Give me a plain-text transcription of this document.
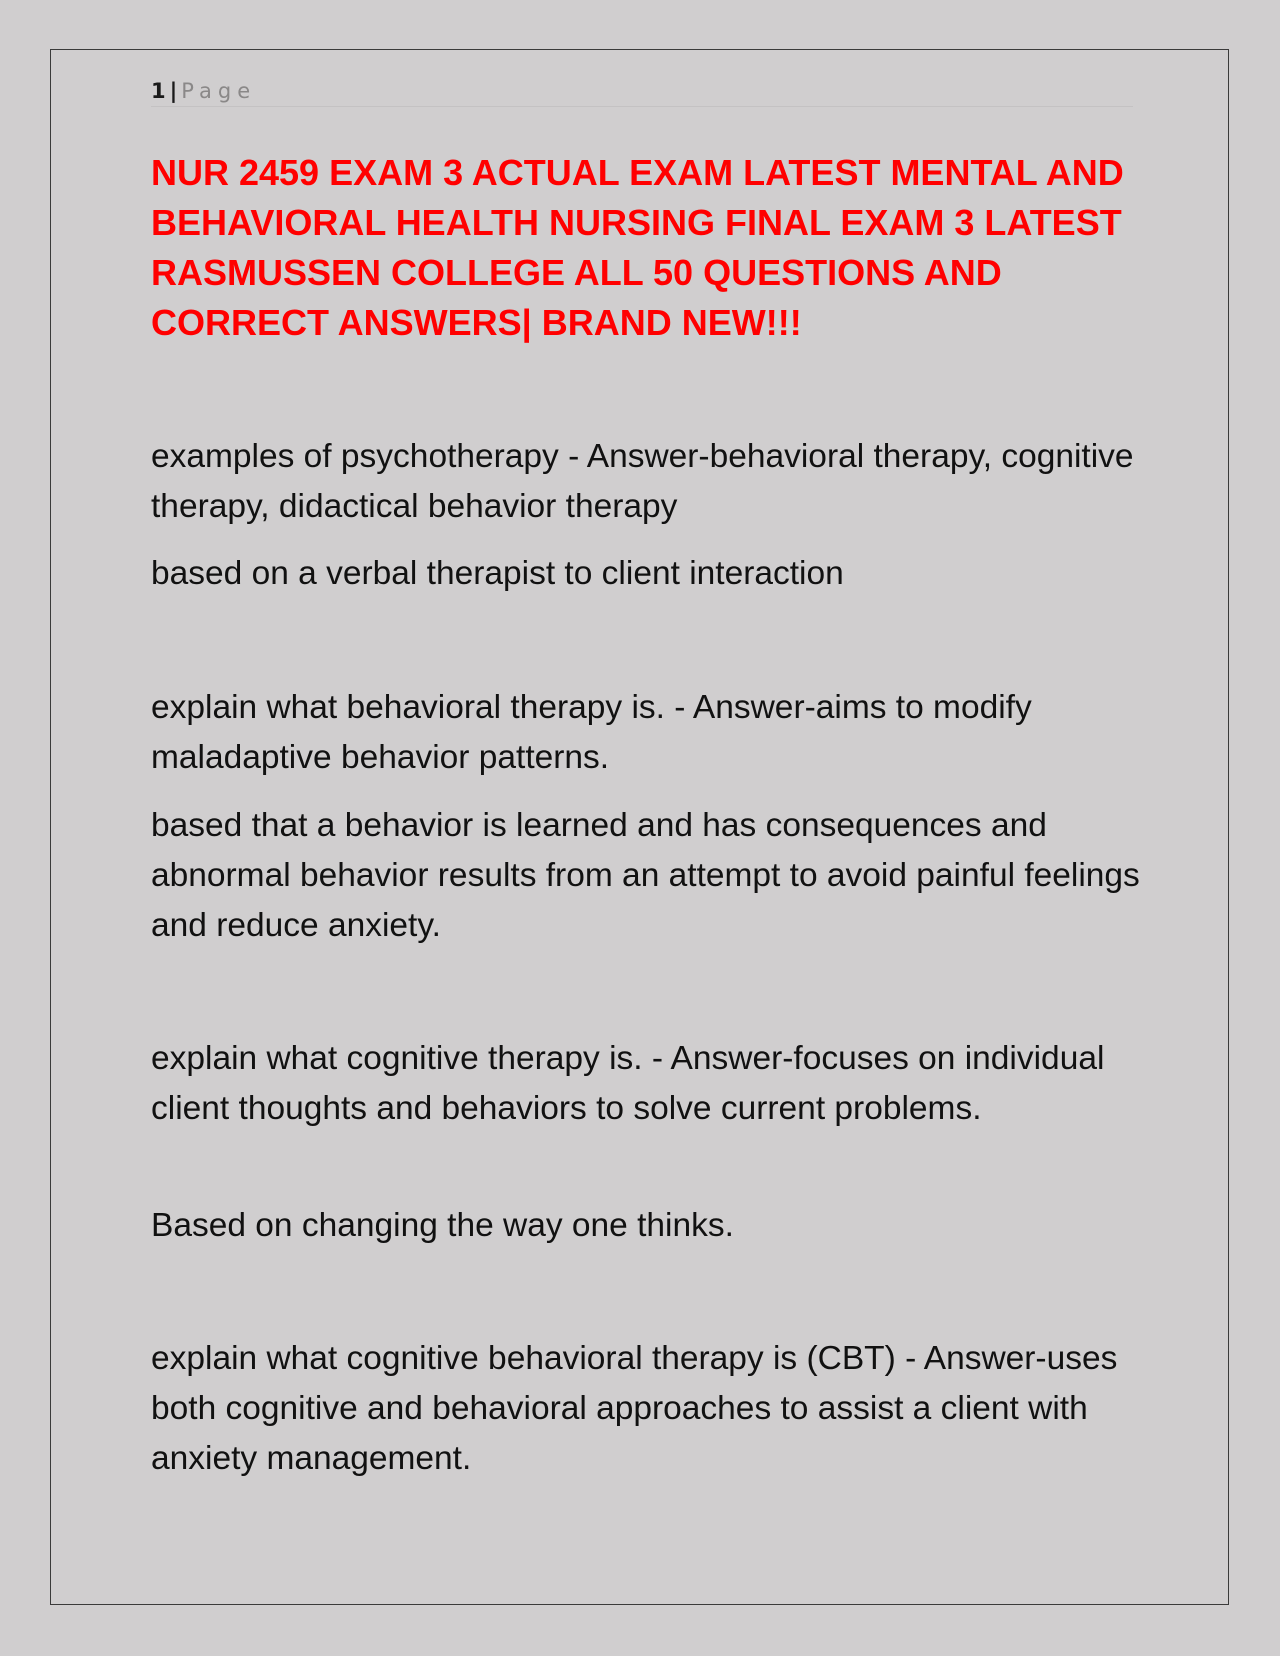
1 | Page
NUR 2459 EXAM 3 ACTUAL EXAM LATEST MENTAL AND BEHAVIORAL HEALTH NURSING FINAL EXAM 3 LATEST RASMUSSEN COLLEGE ALL 50 QUESTIONS AND CORRECT ANSWERS| BRAND NEW!!!

examples of psychotherapy - Answer-behavioral therapy, cognitive therapy, didactical behavior therapy

based on a verbal therapist to client interaction

explain what behavioral therapy is. - Answer-aims to modify maladaptive behavior patterns.

based that a behavior is learned and has consequences and abnormal behavior results from an attempt to avoid painful feelings and reduce anxiety.

explain what cognitive therapy is. - Answer-focuses on individual client thoughts and behaviors to solve current problems.

Based on changing the way one thinks.

explain what cognitive behavioral therapy is (CBT) - Answer-uses both cognitive and behavioral approaches to assist a client with anxiety management.
